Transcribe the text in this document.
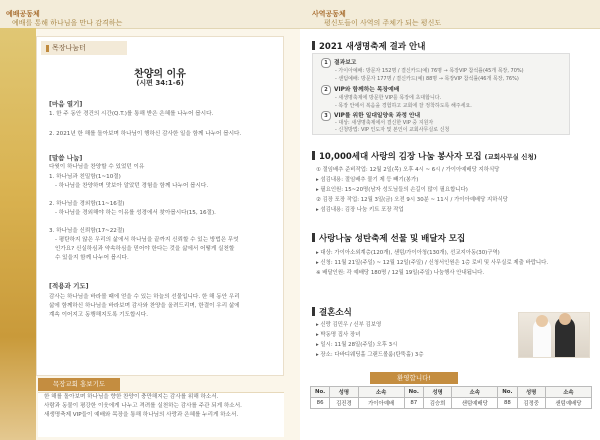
예배를 통해 하나님을 만나 감격하는
예배공동체
목장나눔터
찬양의 이유
(시편 34:1-6)
[마음 열기]
1. 한 주 동안 경건의 시간(Q.T.)를 통해 받은 은혜를 나누어 봅시다.
2. 2021년 한 해를 돌아보며 하나님이 행하신 감사한 일을 함께 나누어 봅시다.
[말씀 나눔]
다윗이 하나님을 찬양할 수 있었던 이유
1. 하나님과 친밀함(1~10절)
- 하나님을 찬양하며 맛보아 알았던 경험을 함께 나누어 봅시다.
2. 하나님을 경외함(11~16절)
- 하나님을 경외해야 하는 이유를 성경에서 찾아봅시다(15, 16절).
3. 하나님을 신뢰함(17~22절)
- 평탄하지 않은 우리의 삶에서 하나님을 끝까지 신뢰할 수 있는 방법은 무엇
인가요? 신실하심과 약속하심을 믿어야 한다는 것을 삶에서 어떻게 실천할
수 있을지 함께 나누어 봅시다.
[적용과 기도]
감사는 하나님을 바라볼 때에 얻을 수 있는 하늘의 선물입니다. 한 해 동안 우리
삶에 함께하신 하나님을 바라보며 감사와 찬양을 올려드리며, 한결이 우리 삶에
계속 이어지고 동행해지도록 기도합시다.
목장교회 홍보기도
한 해를 돌아보며 하나님을 향한 찬양이 충만해지는 감사를 위해 하소서.
사람과 동물이 평강한 이웃에게 나누고 격려를 실천하는 감사를 주관 되게 하소서.
새생명축제 VIP들이 예배와 목장을 통해 하나님의 사랑과 은혜를 누리게 하소서.
평신도들이 사역의 주체가 되는 평신도
사역공동체
2021 새생명축제 결과 안내
1 결과보고
- 가이아예배: 방문자 152명 / 결신카드(예) 76명 → 목장VIP 참석률(45개 목장, 70%)
- 샌텀예배: 방문자 177명 / 결신카드(예) 88명 → 목장VIP 참석률(46개 목장, 76%)
2 VIP와 함께하는 목장예배
- 새생명축제에 방문한 VIP를 목장에 초대합니다.
- 목장 안에서 복음을 경험하고 교회에 잘 정착하도록 해주세요.
3 VIP를 위한 일대일양육 과정 안내
- 대상: 새생명축제에서 결신한 VIP 중 지원자
- 신청방법: VIP 인도자 및 본인이 교회사무실로 신청
10,000세대 사랑의 김장 나눔 봉사자 모집 (교회사무실 신청)
① 절임배추 준비작업: 12월 2일(목) 오후 4시 ~ 6시 / 가이아예배당 지하식당
▸ 섬김내용: 절임배추 물기 제 등 빼기(봉가)
▸ 필요인원: 15~20명(남자 성도님들의 손길이 많이 필요합니다)
② 김장 포장 작업: 12월 3일(금) 오전 9시 30분 ~ 11시 / 가이아예배당 지하식당
▸ 섬김내용: 김장 나눔 키트 포장 작업
사랑나눔 성탄축제 선물 및 배달자 모집
▸ 대상: 가이아소외계층(120개), 샌텀/가이아청(130개), 선교지아동(30)구역)
▸ 신청: 11월 21일(주일) ~ 12월 12일(주일) / 신청서인원은 1층 로비 및 사무실로 제출 바랍니다.
※ 배달인원: 각 예배당 180명 / 12월 19일(주일) 나눔행사 안내됩니다.
결혼소식
▸ 신랑 김민우 / 신부 김보영
▸ 박동명 집사 장녀
▸ 일시: 11월 28일(주일) 오후 3시
▸ 장소: 다바디웨딩홀 그랜드볼룸(탄뚝홀) 3층
환영합니다!
No.	성명	소속	No.	성명	소속	No.	성명	소속
86	김진경	가이아예배	87	김승희	샌텀예배당	88	김정중	샌텀예배당
